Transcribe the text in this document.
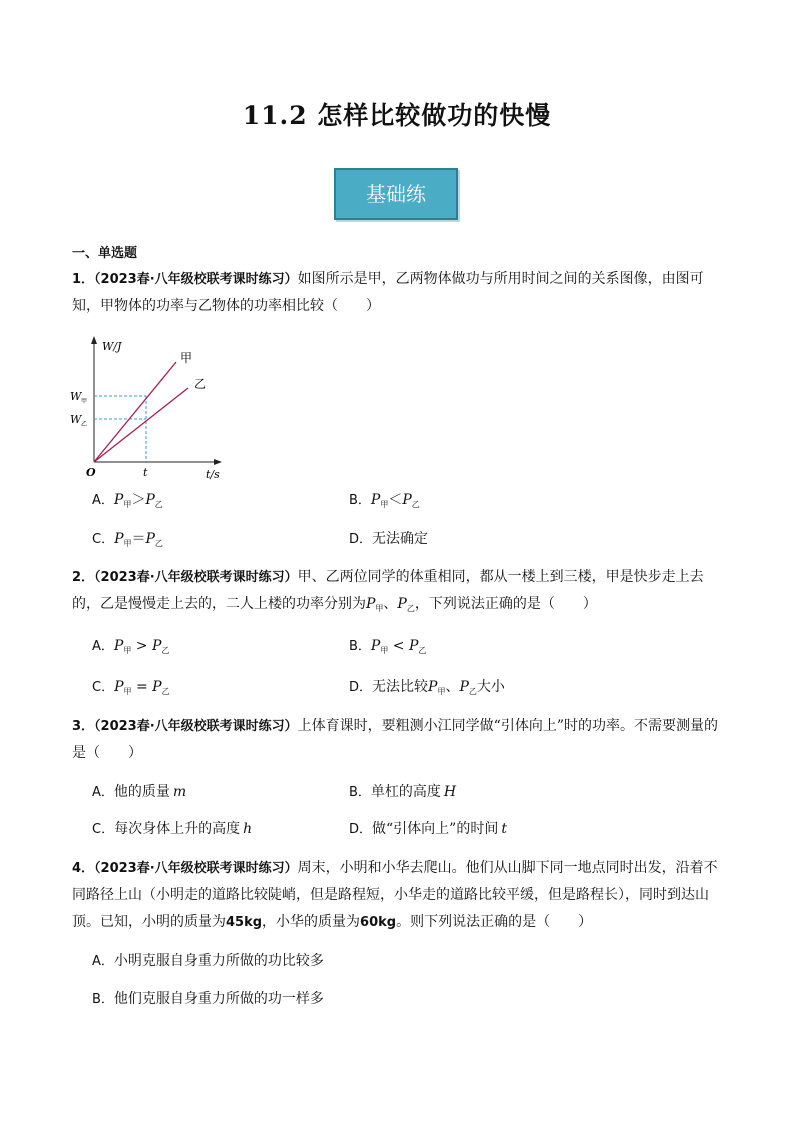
11.2 怎样比较做功的快慢
基础练
一、单选题
1．（2023春·八年级校联考课时练习）如图所示是甲，乙两物体做功与所用时间之间的关系图像，由图可知，甲物体的功率与乙物体的功率相比较（　　）
W/J
t/s
O	t
W 甲
W 乙
甲
乙
A．$P_甲>P_乙$	B．$P_甲<P_乙$
C．$P_甲=P_乙$	D．无法确定
2．（2023春·八年级校联考课时练习）甲、乙两位同学的体重相同，都从一楼上到三楼，甲是快步走上去的，乙是慢慢走上去的，二人上楼的功率分别为$P_甲$、$P_乙$，下列说法正确的是（　　）
A．$P_甲 > P_乙$	B．$P_甲 < P_乙$
C．$P_甲 = P_乙$	D．无法比较$P_甲$、$P_乙$大小
3．（2023春·八年级校联考课时练习）上体育课时，要粗测小江同学做“引体向上”时的功率。不需要测量的是（　　）
A．他的质量 m	B．单杠的高度 H
C．每次身体上升的高度 h	D．做“引体向上”的时间 t
4．（2023春·八年级校联考课时练习）周末，小明和小华去爬山。他们从山脚下同一地点同时出发，沿着不同路径上山（小明走的道路比较陡峭，但是路程短，小华走的道路比较平缓，但是路程长），同时到达山顶。已知，小明的质量为45kg，小华的质量为60kg。则下列说法正确的是（　　）
A．小明克服自身重力所做的功比较多
B．他们克服自身重力所做的功一样多
